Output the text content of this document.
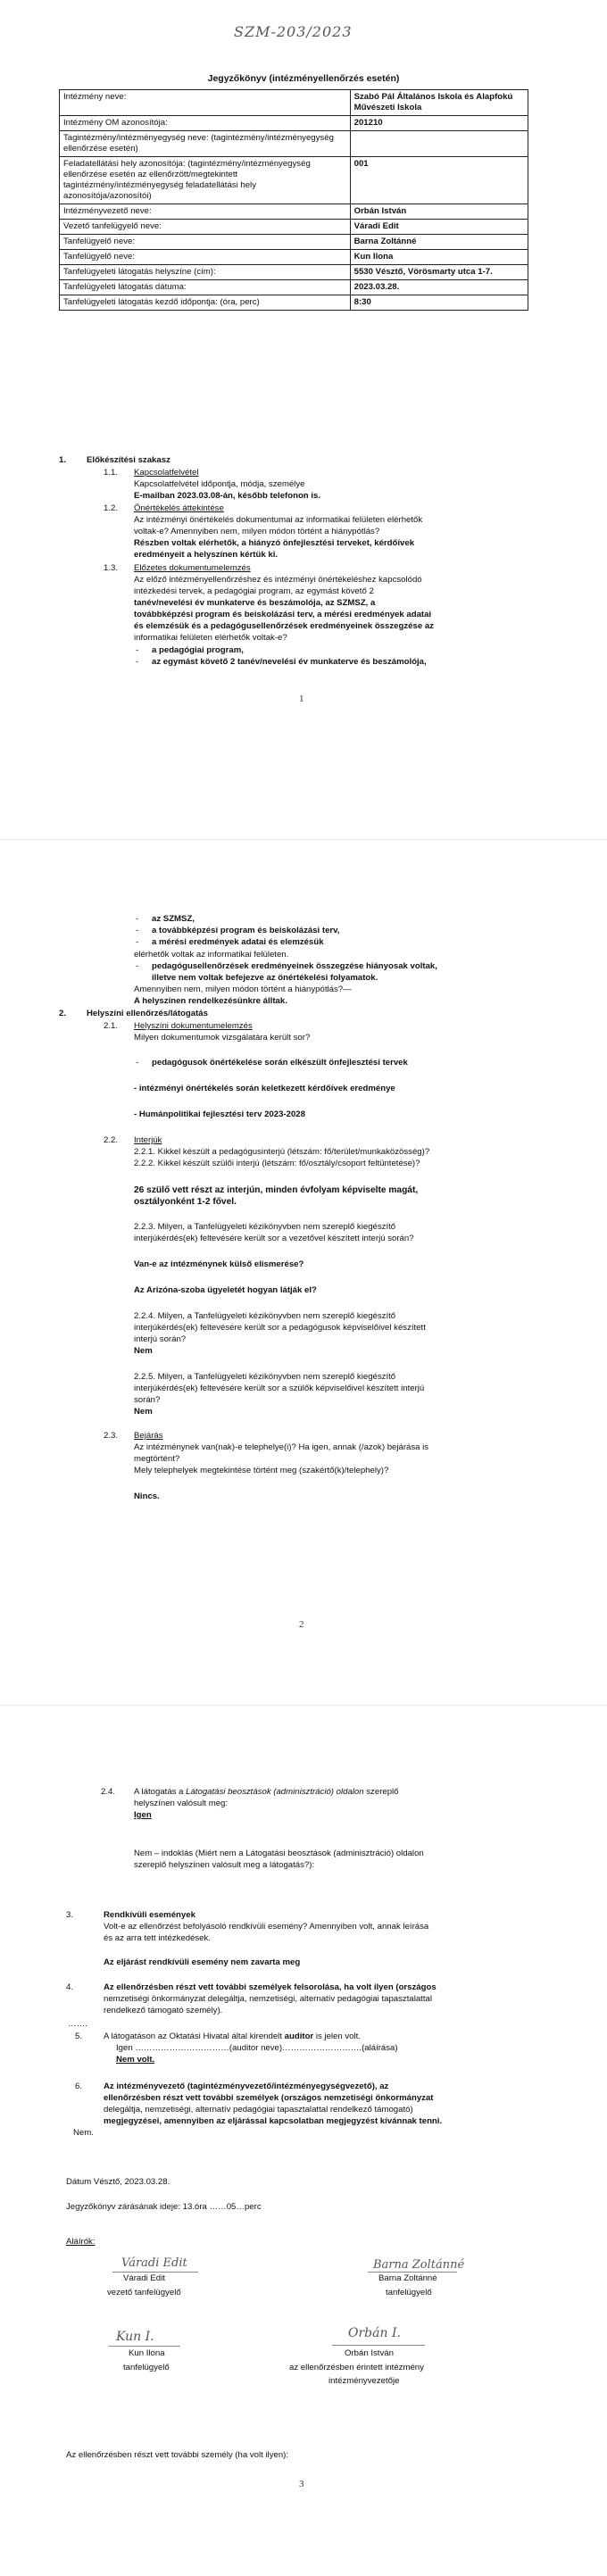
SZM-203/2023
Jegyzőkönyv (intézményellenőrzés esetén)
Intézmény neve:	Szabó Pál Általános Iskola és Alapfokú Művészeti Iskola
Intézmény OM azonosítója:	201210
Tagintézmény/intézményegység neve: (tagintézmény/intézményegység ellenőrzése esetén)	
Feladatellátási hely azonosítója: (tagintézmény/intézményegység ellenőrzése esetén az ellenőrzött/megtekintett tagintézmény/intézményegység feladatellátási hely azonosítója/azonosítói)	001
Intézményvezető neve:	Orbán István
Vezető tanfelügyelő neve:	Váradi Edit
Tanfelügyelő neve:	Barna Zoltánné
Tanfelügyelő neve:	Kun Ilona
Tanfelügyeleti látogatás helyszíne (cím):	5530 Vésztő, Vörösmarty utca 1-7.
Tanfelügyeleti látogatás dátuma:	2023.03.28.
Tanfelügyeleti látogatás kezdő időpontja: (óra, perc)	8:30
1. Előkészítési szakasz
1.1. Kapcsolatfelvétel
Kapcsolatfelvétel időpontja, módja, személye
E-mailban 2023.03.08-án, később telefonon is.
1.2. Önértékelés áttekintése
Az intézményi önértékelés dokumentumai az informatikai felületen elérhetők
voltak-e? Amennyiben nem, milyen módon történt a hiánypótlás?
Részben voltak elérhetők, a hiányzó önfejlesztési terveket, kérdőívek
eredményeit a helyszínen kértük ki.
1.3. Előzetes dokumentumelemzés
Az előző intézményellenőrzéshez és intézményi önértékeléshez kapcsolódó
intézkedési tervek, a pedagógiai program, az egymást követő 2
tanév/nevelési év munkaterve és beszámolója, az SZMSZ, a
továbbképzési program és beiskolázási terv, a mérési eredmények adatai
és elemzésük és a pedagógusellenőrzések eredményeinek összegzése az
informatikai felületen elérhetők voltak-e?
- a pedagógiai program,
- az egymást követő 2 tanév/nevelési év munkaterve és beszámolója,
1
- az SZMSZ,
- a továbbképzési program és beiskolázási terv,
- a mérési eredmények adatai és elemzésük
elérhetők voltak az informatikai felületen.
- pedagógusellenőrzések eredményeinek összegzése hiányosak voltak,
illetve nem voltak befejezve az önértékelési folyamatok.
Amennyiben nem, milyen módon történt a hiánypótlás?—
A helyszínen rendelkezésünkre álltak.
2. Helyszíni ellenőrzés/látogatás
2.1. Helyszíni dokumentumelemzés
Milyen dokumentumok vizsgálatára került sor?
- pedagógusok önértékelése során elkészült önfejlesztési tervek
- intézményi önértékelés során keletkezett kérdőívek eredménye
- Humánpolitikai fejlesztési terv 2023-2028
2.2. Interjúk
2.2.1. Kikkel készült a pedagógusinterjú (létszám: fő/terület/munkaközösség)?
2.2.2. Kikkel készült szülői interjú (létszám: fő/osztály/csoport feltüntetése)?
26 szülő vett részt az interjún, minden évfolyam képviselte magát,
osztályonként 1-2 fővel.
2.2.3. Milyen, a Tanfelügyeleti kézikönyvben nem szereplő kiegészítő
interjúkérdés(ek) feltevésére került sor a vezetővel készített interjú során?
Van-e az intézménynek külső elismerése?
Az Arizóna-szoba ügyeletét hogyan látják el?
2.2.4. Milyen, a Tanfelügyeleti kézikönyvben nem szereplő kiegészítő
interjúkérdés(ek) feltevésére került sor a pedagógusok képviselőivel készített
interjú során?
Nem
2.2.5. Milyen, a Tanfelügyeleti kézikönyvben nem szereplő kiegészítő
interjúkérdés(ek) feltevésére került sor a szülők képviselőivel készített interjú
során?
Nem
2.3. Bejárás
Az intézménynek van(nak)-e telephelye(i)? Ha igen, annak (/azok) bejárása is
megtörtént?
Mely telephelyek megtekintése történt meg (szakértő(k)/telephely)?
Nincs.
2
2.4. A látogatás a Látogatási beosztások (adminisztráció) oldalon szereplő
helyszínen valósult meg:
Igen
Nem – indoklás (Miért nem a Látogatási beosztások (adminisztráció) oldalon
szereplő helyszínen valósult meg a látogatás?):
3.	Rendkívüli események
Volt-e az ellenőrzést befolyásoló rendkívüli esemény? Amennyiben volt, annak leírása
és az arra tett intézkedések.
Az eljárást rendkívüli esemény nem zavarta meg
4.	Az ellenőrzésben részt vett további személyek felsorolása, ha volt ilyen (országos
nemzetiségi önkormányzat delegáltja, nemzetiségi, alternatív pedagógiai tapasztalattal
rendelkező támogató személy).
…….
5. A látogatáson az Oktatási Hivatal által kirendelt auditor is jelen volt.
Igen ……………………………(auditor neve)……………………….(aláírása)
Nem volt.
6. Az intézményvezető (tagintézményvezető/intézményegységvezető), az
ellenőrzésben részt vett további személyek (országos nemzetiségi önkormányzat
delegáltja, nemzetiségi, alternatív pedagógiai tapasztalattal rendelkező támogató)
megjegyzései, amennyiben az eljárással kapcsolatban megjegyzést kívánnak tenni.
Nem.
Dátum Vésztő, 2023.03.28.
Jegyzőkönyv zárásának ideje: 13.óra ……05…perc
Aláírók:
Váradi Edit
Váradi Edit
vezető tanfelügyelő
Barna Zoltánné
Barna Zoltánné
tanfelügyelő
Kun I.
Kun Ilona
tanfelügyelő
Orbán I.
Orbán István
az ellenőrzésben érintett intézmény
intézményvezetője
Az ellenőrzésben részt vett további személy (ha volt ilyen):
3
